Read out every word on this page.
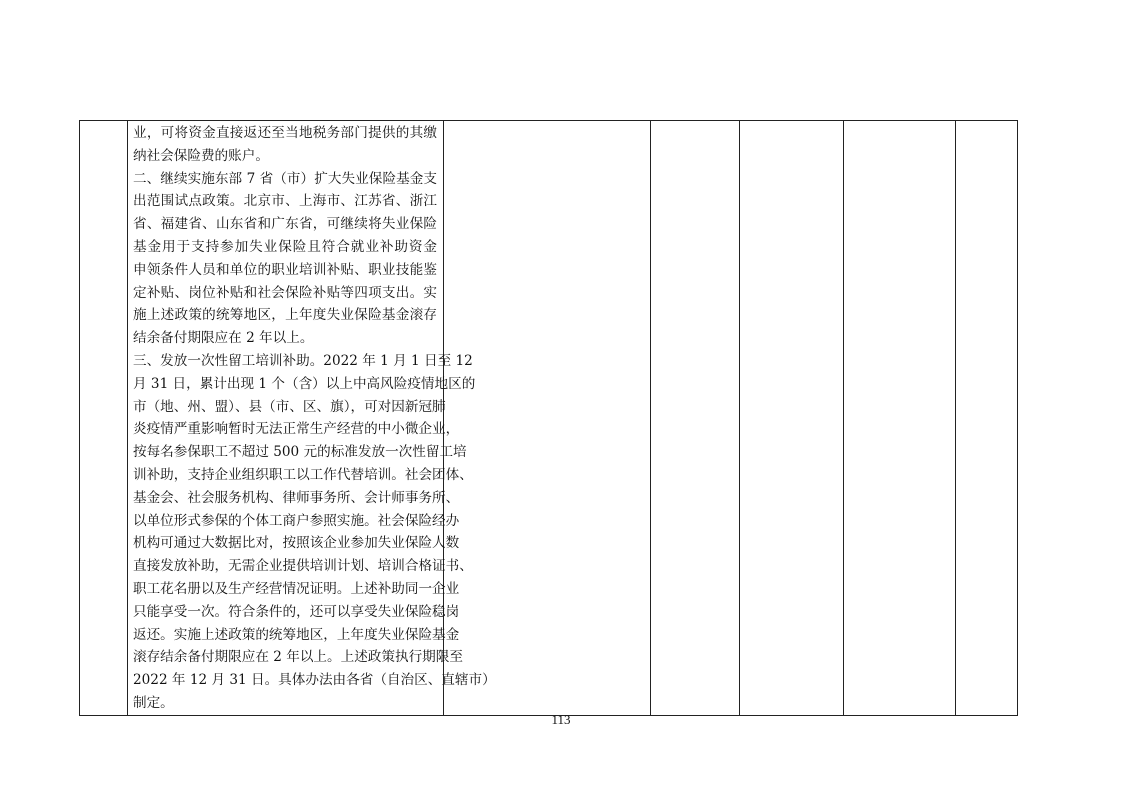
业，可将资金直接返还至当地税务部门提供的其缴
纳社会保险费的账户。
二、继续实施东部 7 省（市）扩大失业保险基金支
出范围试点政策。北京市、上海市、江苏省、浙江
省、福建省、山东省和广东省，可继续将失业保险
基金用于支持参加失业保险且符合就业补助资金
申领条件人员和单位的职业培训补贴、职业技能鉴
定补贴、岗位补贴和社会保险补贴等四项支出。实
施上述政策的统筹地区，上年度失业保险基金滚存
结余备付期限应在 2 年以上。
三、发放一次性留工培训补助。2022 年 1 月 1 日至 12
月 31 日，累计出现 1 个（含）以上中高风险疫情地区的
市（地、州、盟）、县（市、区、旗），可对因新冠肺
炎疫情严重影响暂时无法正常生产经营的中小微企业，
按每名参保职工不超过 500 元的标准发放一次性留工培
训补助，支持企业组织职工以工作代替培训。社会团体、
基金会、社会服务机构、律师事务所、会计师事务所、
以单位形式参保的个体工商户参照实施。社会保险经办
机构可通过大数据比对，按照该企业参加失业保险人数
直接发放补助，无需企业提供培训计划、培训合格证书、
职工花名册以及生产经营情况证明。上述补助同一企业
只能享受一次。符合条件的，还可以享受失业保险稳岗
返还。实施上述政策的统筹地区，上年度失业保险基金
滚存结余备付期限应在 2 年以上。上述政策执行期限至
2022 年 12 月 31 日。具体办法由各省（自治区、直辖市）
制定。

113
